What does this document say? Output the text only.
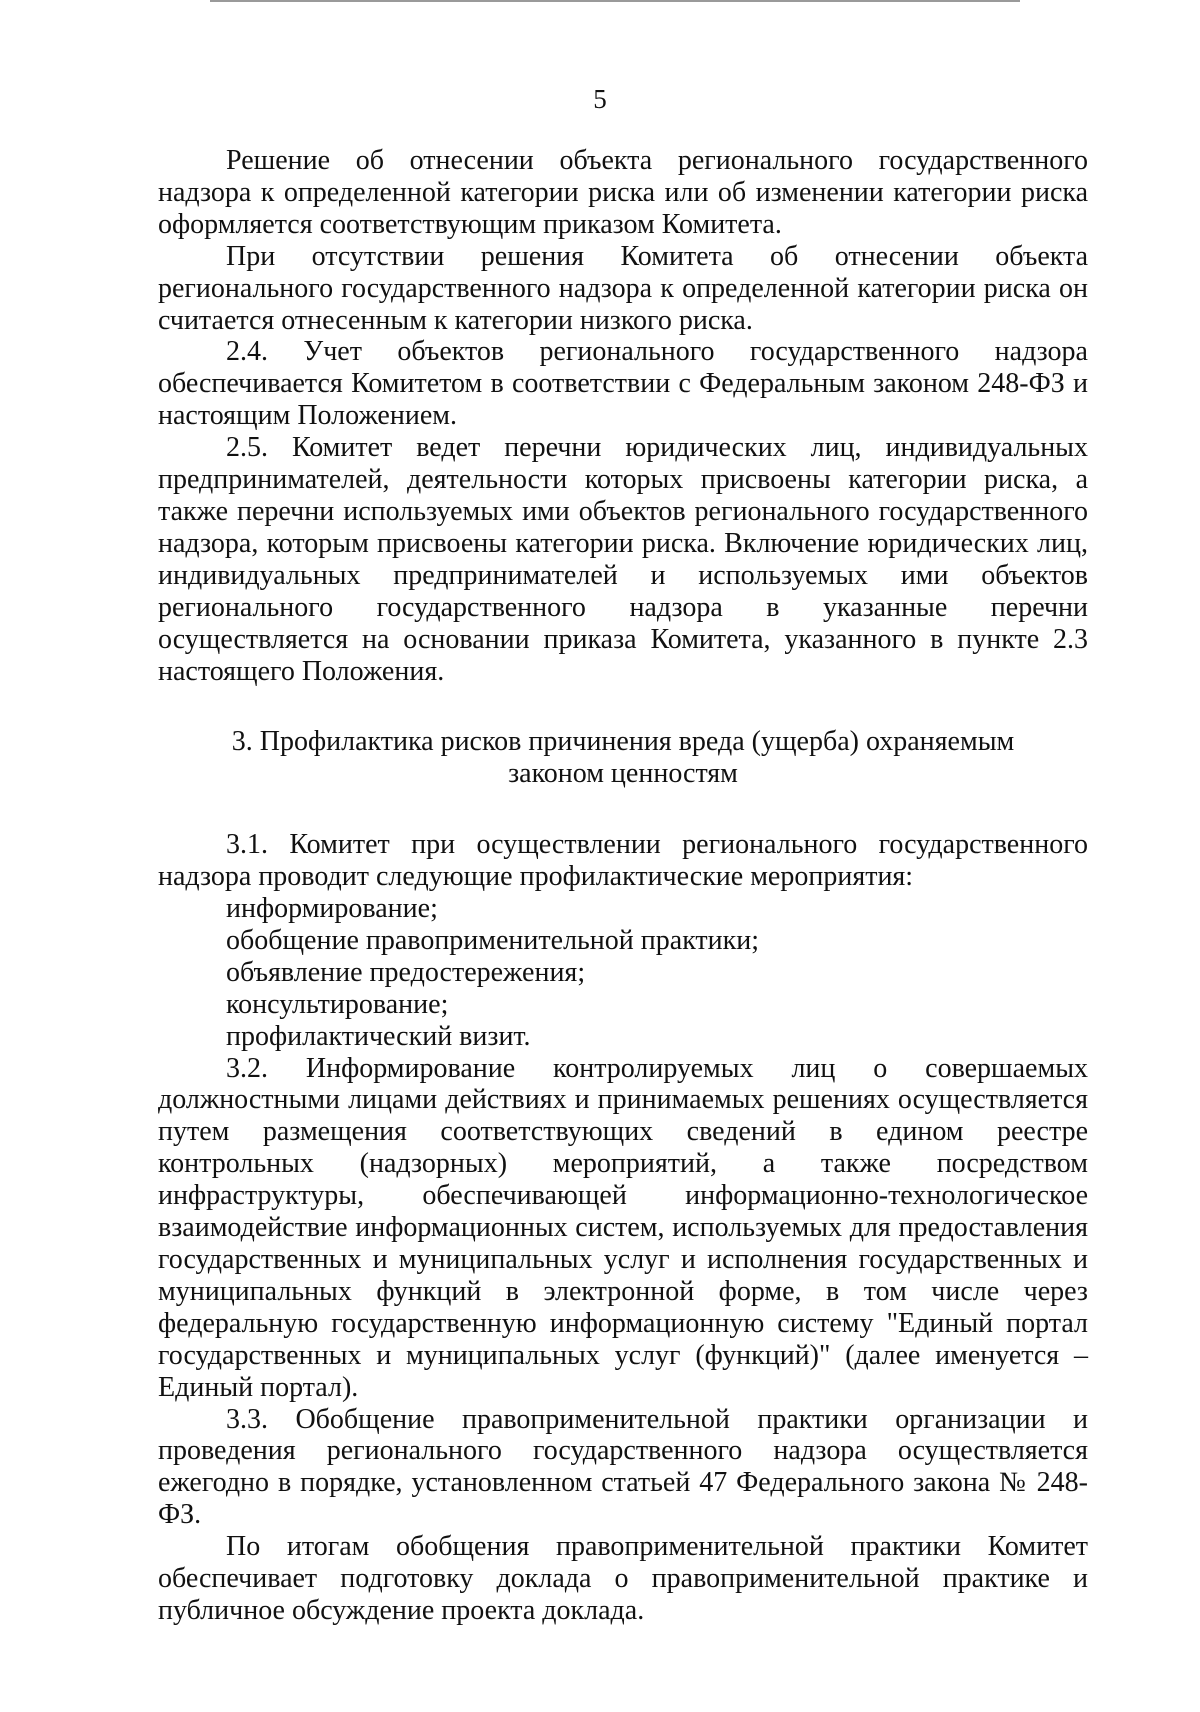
5

Решение об отнесении объекта регионального государственного надзора к определенной категории риска или об изменении категории риска оформляется соответствующим приказом Комитета.

При отсутствии решения Комитета об отнесении объекта регионального государственного надзора к определенной категории риска он считается отнесенным к категории низкого риска.

2.4. Учет объектов регионального государственного надзора обеспечивается Комитетом в соответствии с Федеральным законом 248-ФЗ и настоящим Положением.

2.5. Комитет ведет перечни юридических лиц, индивидуальных предпринимателей, деятельности которых присвоены категории риска, а также перечни используемых ими объектов регионального государственного надзора, которым присвоены категории риска. Включение юридических лиц, индивидуальных предпринимателей и используемых ими объектов регионального государственного надзора в указанные перечни осуществляется на основании приказа Комитета, указанного в пункте 2.3 настоящего Положения.

3. Профилактика рисков причинения вреда (ущерба) охраняемым
законом ценностям

3.1. Комитет при осуществлении регионального государственного надзора проводит следующие профилактические мероприятия:

информирование;

обобщение правоприменительной практики;

объявление предостережения;

консультирование;

профилактический визит.

3.2. Информирование контролируемых лиц о совершаемых должностными лицами действиях и принимаемых решениях осуществляется путем размещения соответствующих сведений в едином реестре контрольных (надзорных) мероприятий, а также посредством инфраструктуры, обеспечивающей информационно-технологическое взаимодействие информационных систем, используемых для предоставления государственных и муниципальных услуг и исполнения государственных и муниципальных функций в электронной форме, в том числе через федеральную государственную информационную систему "Единый портал государственных и муниципальных услуг (функций)" (далее именуется – Единый портал).

3.3. Обобщение правоприменительной практики организации и проведения регионального государственного надзора осуществляется ежегодно в порядке, установленном статьей 47 Федерального закона № 248-ФЗ.

По итогам обобщения правоприменительной практики Комитет обеспечивает подготовку доклада о правоприменительной практике и публичное обсуждение проекта доклада.
